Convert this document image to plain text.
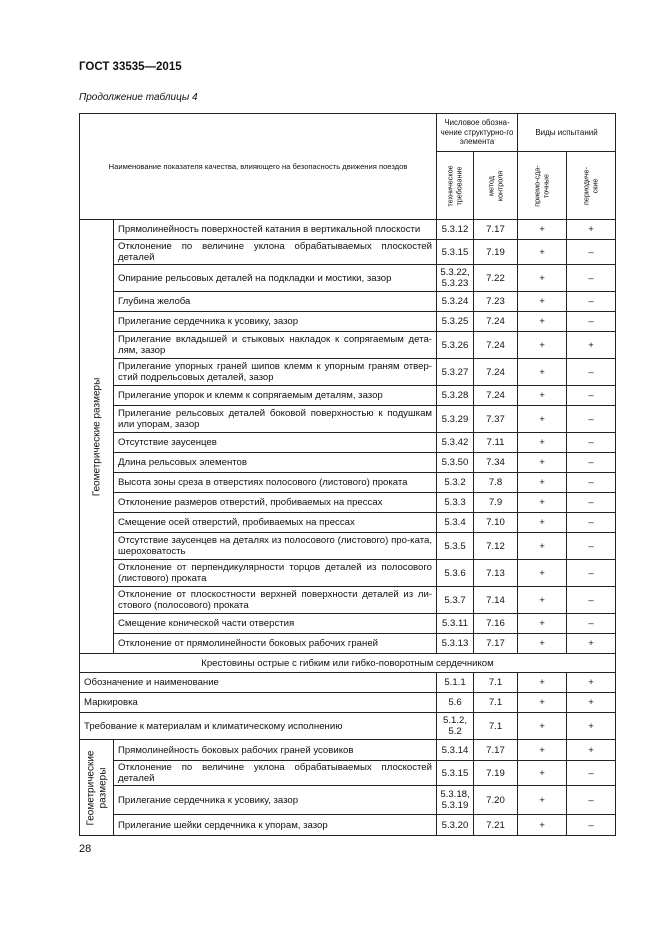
ГОСТ 33535—2015
Продолжение таблицы 4
Наименование показателя качества, влияющего на безопасность движения поездов		Числовое обозна-чение структурно-го элемента		Виды испытаний	

		техническое требование	метод контроля	приемо-сда-точные	периодиче-ские

Геометрические размеры	Прямолинейность поверхностей катания в вертикальной плоскости	5.3.12	7.17	+	+
	Отклонение по величине уклона обрабатываемых плоскостей деталей	5.3.15	7.19	+	–
	Опирание рельсовых деталей на подкладки и мостики, зазор	5.3.22, 5.3.23	7.22	+	–
	Глубина желоба	5.3.24	7.23	+	–
	Прилегание сердечника к усовику, зазор	5.3.25	7.24	+	–
	Прилегание вкладышей и стыковых накладок к сопрягаемым дета-лям, зазор	5.3.26	7.24	+	+
	Прилегание упорных граней шипов клемм к упорным граням отвер-стий подрельсовых деталей, зазор	5.3.27	7.24	+	–
	Прилегание упорок и клемм к сопрягаемым деталям, зазор	5.3.28	7.24	+	–
	Прилегание рельсовых деталей боковой поверхностью к подушкам или упорам, зазор	5.3.29	7.37	+	–
	Отсутствие заусенцев	5.3.42	7.11	+	–
	Длина рельсовых элементов	5.3.50	7.34	+	–
	Высота зоны среза в отверстиях полосового (листового) проката	5.3.2	7.8	+	–
	Отклонение размеров отверстий, пробиваемых на прессах	5.3.3	7.9	+	–
	Смещение осей отверстий, пробиваемых на прессах	5.3.4	7.10	+	–
	Отсутствие заусенцев на деталях из полосового (листового) про-ката, шероховатость	5.3.5	7.12	+	–
	Отклонение от перпендикулярности торцов деталей из полосового (листового) проката	5.3.6	7.13	+	–
	Отклонение от плоскостности верхней поверхности деталей из ли-стового (полосового) проката	5.3.7	7.14	+	–
	Смещение конической части отверстия	5.3.11	7.16	+	–
	Отклонение от прямолинейности боковых рабочих граней	5.3.13	7.17	+	+
Крестовины острые с гибким или гибко-поворотным сердечником					
Обозначение и наименование		5.1.1	7.1	+	+
Маркировка		5.6	7.1	+	+
Требование к материалам и климатическому исполнению		5.1.2, 5.2	7.1	+	+

Геометрические размеры	Прямолинейность боковых рабочих граней усовиков	5.3.14	7.17	+	+
	Отклонение по величине уклона обрабатываемых плоскостей деталей	5.3.15	7.19	+	–
	Прилегание сердечника к усовику, зазор	5.3.18, 5.3.19	7.20	+	–
	Прилегание шейки сердечника к упорам, зазор	5.3.20	7.21	+	–
28
